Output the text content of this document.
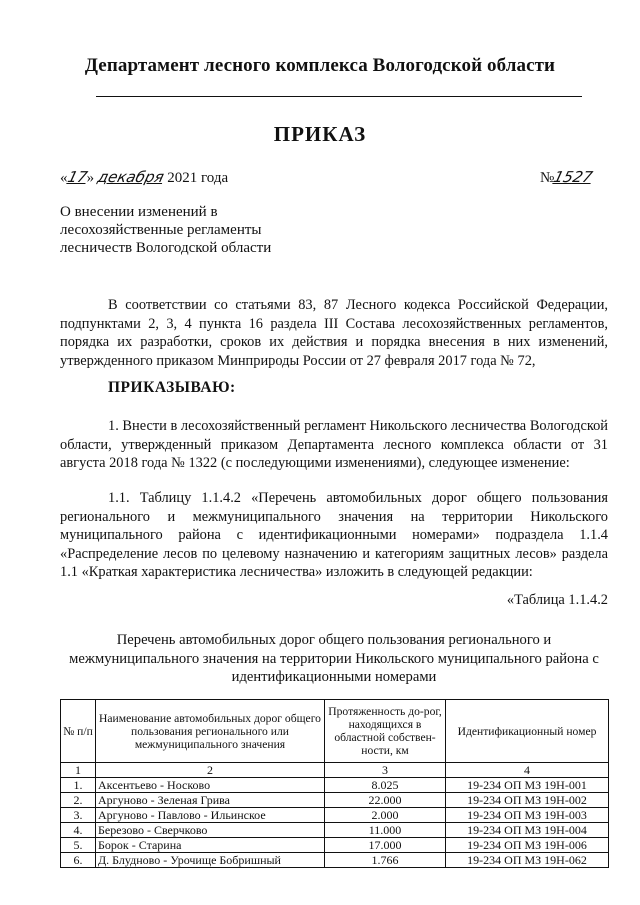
Департамент лесного комплекса Вологодской области
ПРИКАЗ
«17» декабря 2021 года	№1527
О внесении изменений в
лесохозяйственные регламенты
лесничеств Вологодской области
В соответствии со статьями 83, 87 Лесного кодекса Российской Федерации, подпунктами 2, 3, 4 пункта 16 раздела III Состава лесохозяйственных регламентов, порядка их разработки, сроков их действия и порядка внесения в них изменений, утвержденного приказом Минприроды России от 27 февраля 2017 года № 72,
ПРИКАЗЫВАЮ:
1. Внести в лесохозяйственный регламент Никольского лесничества Вологодской области, утвержденный приказом Департамента лесного комплекса области от 31 августа 2018 года № 1322 (с последующими изменениями), следующее изменение:
1.1. Таблицу 1.1.4.2 «Перечень автомобильных дорог общего пользования регионального и межмуниципального значения на территории Никольского муниципального района с идентификационными номерами» подраздела 1.1.4 «Распределение лесов по целевому назначению и категориям защитных лесов» раздела 1.1 «Краткая характеристика лесничества» изложить в следующей редакции:
«Таблица 1.1.4.2
Перечень автомобильных дорог общего пользования регионального и межмуниципального значения на территории Никольского муниципального района с идентификационными номерами
№ п/п	Наименование автомобильных дорог общего пользования регионального или межмуниципального значения	Протяженность до-рог, находящихся в областной собствен-ности, км	Идентификационный номер
1	2	3	4
1.	Аксентьево - Носково	8.025	19-234 ОП МЗ 19Н-001
2.	Аргуново - Зеленая Грива	22.000	19-234 ОП МЗ 19Н-002
3.	Аргуново - Павлово - Ильинское	2.000	19-234 ОП МЗ 19Н-003
4.	Березово - Сверчково	11.000	19-234 ОП МЗ 19Н-004
5.	Борок - Старина	17.000	19-234 ОП МЗ 19Н-006
6.	Д. Блудново - Урочище Бобришный	1.766	19-234 ОП МЗ 19Н-062
